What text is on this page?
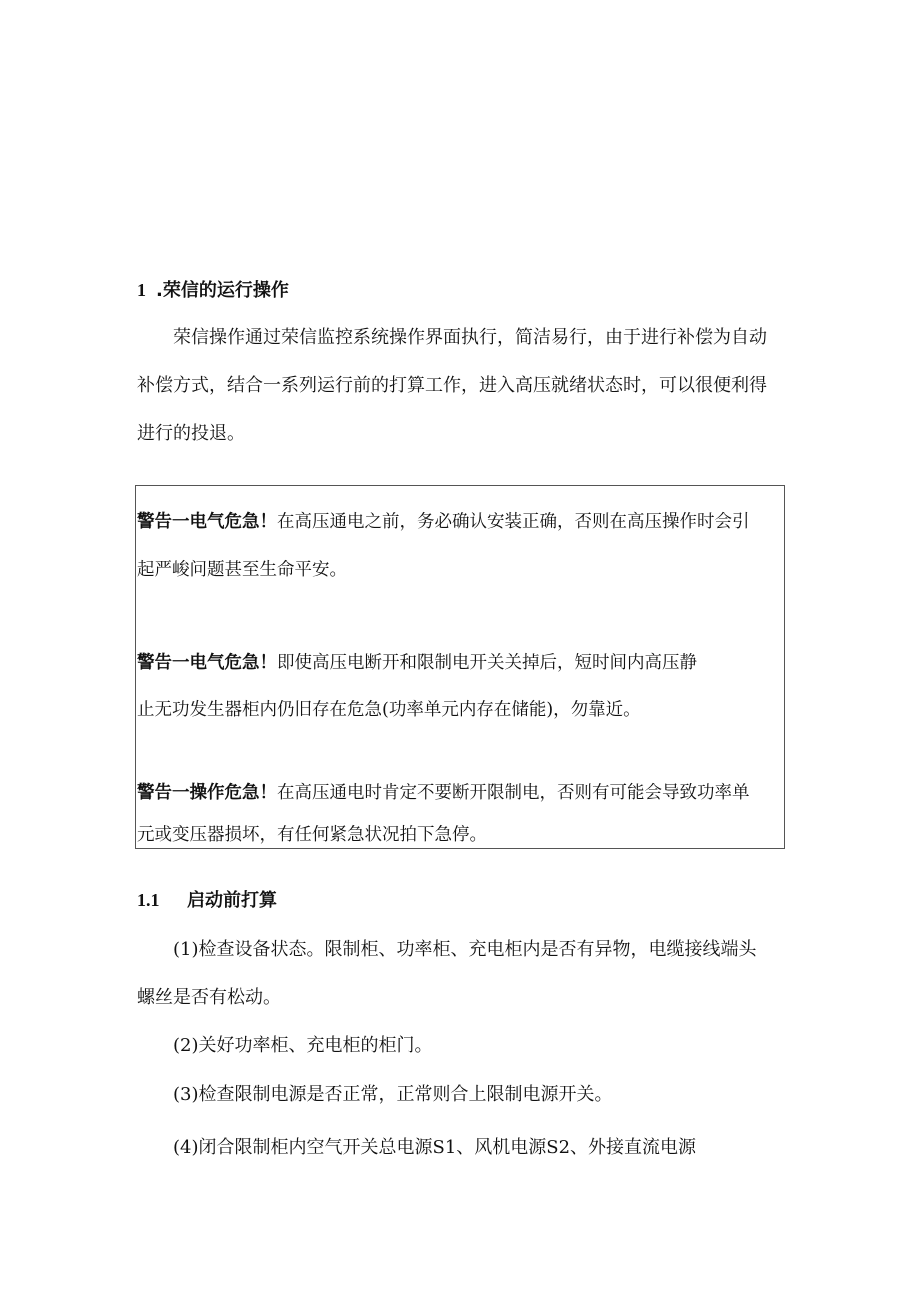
1 .荣信的运行操作
荣信操作通过荣信监控系统操作界面执行，简洁易行，由于进行补偿为自动
补偿方式，结合一系列运行前的打算工作，进入高压就绪状态时，可以很便利得
进行的投退。
警告一电气危急！在高压通电之前，务必确认安装正确，否则在高压操作时会引
起严峻问题甚至生命平安。
警告一电气危急！即使高压电断开和限制电开关关掉后，短时间内高压静
止无功发生器柜内仍旧存在危急(功率单元内存在储能)，勿靠近。
警告一操作危急！在高压通电时肯定不要断开限制电，否则有可能会导致功率单
元或变压器损坏，有任何紧急状况拍下急停。
1.1 启动前打算
(1)检查设备状态。限制柜、功率柜、充电柜内是否有异物，电缆接线端头
螺丝是否有松动。
(2)关好功率柜、充电柜的柜门。
(3)检查限制电源是否正常，正常则合上限制电源开关。
(4)闭合限制柜内空气开关总电源S1、风机电源S2、外接直流电源
